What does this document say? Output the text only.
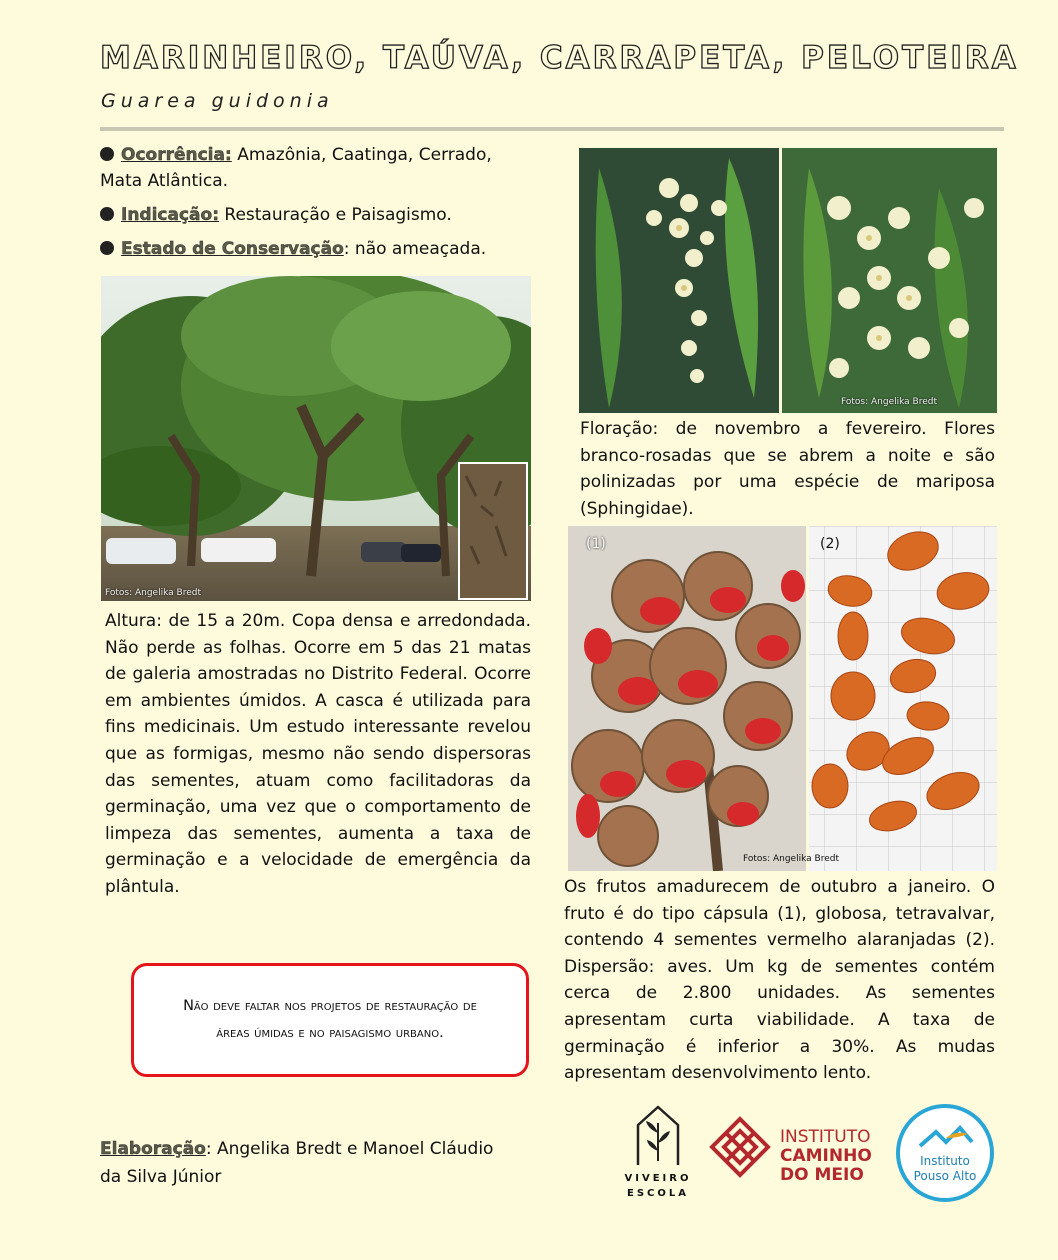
MARINHEIRO, TAÚVA, CARRAPETA, PELOTEIRA
Guarea guidonia

Ocorrência: Amazônia, Caatinga, Cerrado, Mata Atlântica.

Indicação: Restauração e Paisagismo.

Estado de Conservação: não ameaçada.

Fotos: Angelika Bredt
Fotos: Angelika Bredt

Floração: de novembro a fevereiro. Flores branco-rosadas que se abrem a noite e são polinizadas por uma espécie de mariposa (Sphingidae).

(1)	(2)
Fotos: Angelika Bredt

Altura: de 15 a 20m. Copa densa e arredondada. Não perde as folhas. Ocorre em 5 das 21 matas de galeria amostradas no Distrito Federal. Ocorre em ambientes úmidos. A casca é utilizada para fins medicinais. Um estudo interessante revelou que as formigas, mesmo não sendo dispersoras das sementes, atuam como facilitadoras da germinação, uma vez que o comportamento de limpeza das sementes, aumenta a taxa de germinação e a velocidade de emergência da plântula.	Os frutos amadurecem de outubro a janeiro. O fruto é do tipo cápsula (1), globosa, tetravalvar, contendo 4 sementes vermelho alaranjadas (2). Dispersão: aves. Um kg de sementes contém cerca de 2.800 unidades. As sementes apresentam curta viabilidade. A taxa de germinação é inferior a 30%. As mudas apresentam desenvolvimento lento.

Não deve faltar nos projetos de restauração de áreas úmidas e no paisagismo urbano.
Elaboração: Angelika Bredt e Manoel Cláudio da Silva Júnior	VIVEIRO
ESCOLA
INSTITUTO
CAMINHO
DO MEIO
Instituto
Pouso Alto
